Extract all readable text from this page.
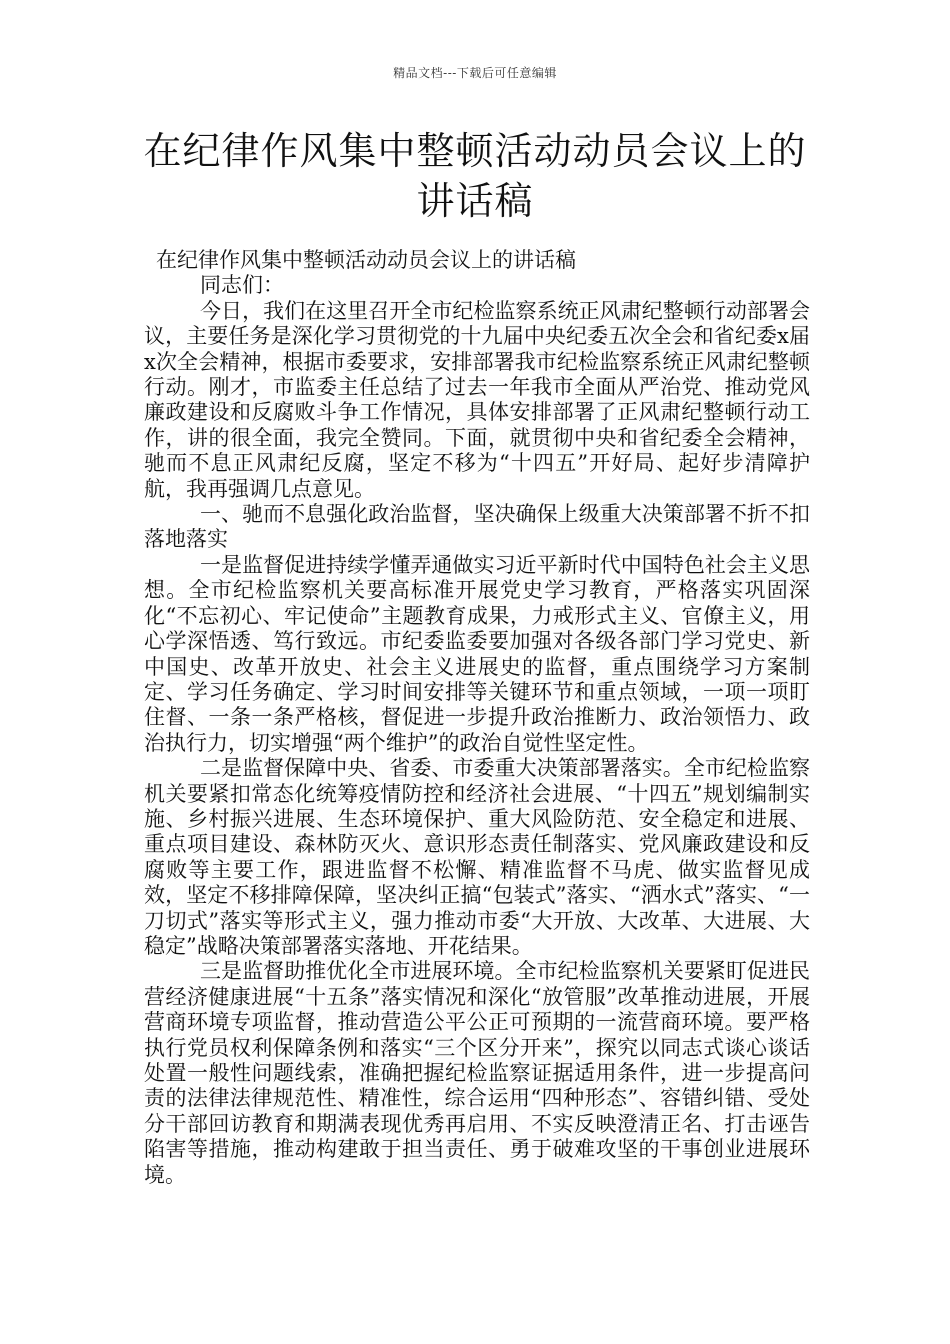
精品文档---下载后可任意编辑
在纪律作风集中整顿活动动员会议上的讲话稿

在纪律作风集中整顿活动动员会议上的讲话稿

同志们：

今日，我们在这里召开全市纪检监察系统正风肃纪整顿行动部署会议，主要任务是深化学习贯彻党的十九届中央纪委五次全会和省纪委x届x次全会精神，根据市委要求，安排部署我市纪检监察系统正风肃纪整顿行动。刚才，市监委主任总结了过去一年我市全面从严治党、推动党风廉政建设和反腐败斗争工作情况，具体安排部署了正风肃纪整顿行动工作，讲的很全面，我完全赞同。下面，就贯彻中央和省纪委全会精神，驰而不息正风肃纪反腐，坚定不移为“十四五”开好局、起好步清障护航，我再强调几点意见。

一、驰而不息强化政治监督，坚决确保上级重大决策部署不折不扣落地落实

一是监督促进持续学懂弄通做实习近平新时代中国特色社会主义思想。全市纪检监察机关要高标准开展党史学习教育，严格落实巩固深化“不忘初心、牢记使命”主题教育成果，力戒形式主义、官僚主义，用心学深悟透、笃行致远。市纪委监委要加强对各级各部门学习党史、新中国史、改革开放史、社会主义进展史的监督，重点围绕学习方案制定、学习任务确定、学习时间安排等关键环节和重点领域，一项一项盯住督、一条一条严格核，督促进一步提升政治推断力、政治领悟力、政治执行力，切实增强“两个维护”的政治自觉性坚定性。

二是监督保障中央、省委、市委重大决策部署落实。全市纪检监察机关要紧扣常态化统筹疫情防控和经济社会进展、“十四五”规划编制实施、乡村振兴进展、生态环境保护、重大风险防范、安全稳定和进展、重点项目建设、森林防灭火、意识形态责任制落实、党风廉政建设和反腐败等主要工作，跟进监督不松懈、精准监督不马虎、做实监督见成效，坚定不移排障保障，坚决纠正搞“包装式”落实、“洒水式”落实、“一刀切式”落实等形式主义，强力推动市委“大开放、大改革、大进展、大稳定”战略决策部署落实落地、开花结果。

三是监督助推优化全市进展环境。全市纪检监察机关要紧盯促进民营经济健康进展“十五条”落实情况和深化“放管服”改革推动进展，开展营商环境专项监督，推动营造公平公正可预期的一流营商环境。要严格执行党员权利保障条例和落实“三个区分开来”，探究以同志式谈心谈话处置一般性问题线索，准确把握纪检监察证据适用条件，进一步提高问责的法律法律规范性、精准性，综合运用“四种形态”、容错纠错、受处分干部回访教育和期满表现优秀再启用、不实反映澄清正名、打击诬告陷害等措施，推动构建敢于担当责任、勇于破难攻坚的干事创业进展环境。
